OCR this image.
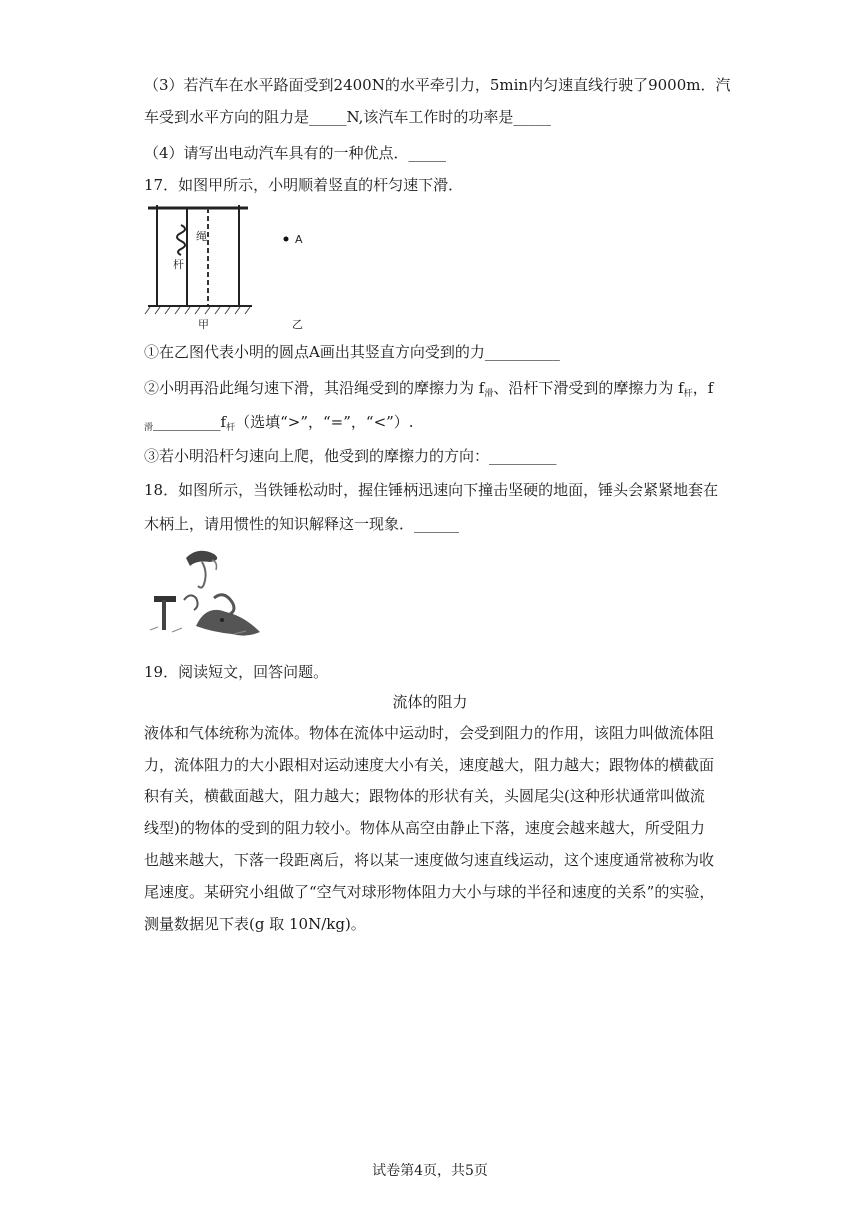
（3）若汽车在水平路面受到2400N的水平牵引力，5min内匀速直线行驶了9000m．汽
车受到水平方向的阻力是_____N,该汽车工作时的功率是_____
（4）请写出电动汽车具有的一种优点．_____
17．如图甲所示，小明顺着竖直的杆匀速下滑．
杆
绳
甲
A
乙
①在乙图代表小明的圆点A画出其竖直方向受到的力__________
②小明再沿此绳匀速下滑，其沿绳受到的摩擦力为 $f_滑$、沿杆下滑受到的摩擦力为 $f_杆$，f
$_滑\_\_\_\_\_\_\_\_\_f_杆$（选填“>”，“=”，“<”）.
③若小明沿杆匀速向上爬，他受到的摩擦力的方向：_________
18．如图所示，当铁锤松动时，握住锤柄迅速向下撞击坚硬的地面，锤头会紧紧地套在
木柄上，请用惯性的知识解释这一现象．______
19．阅读短文，回答问题。
流体的阻力
液体和气体统称为流体。物体在流体中运动时，会受到阻力的作用，该阻力叫做流体阻
力，流体阻力的大小跟相对运动速度大小有关，速度越大，阻力越大；跟物体的横截面
积有关，横截面越大，阻力越大；跟物体的形状有关，头圆尾尖(这种形状通常叫做流
线型)的物体的受到的阻力较小。物体从高空由静止下落，速度会越来越大，所受阻力
也越来越大，下落一段距离后，将以某一速度做匀速直线运动，这个速度通常被称为收
尾速度。某研究小组做了“空气对球形物体阻力大小与球的半径和速度的关系”的实验，
测量数据见下表(g 取 10N/kg)。
试卷第4页，共5页
